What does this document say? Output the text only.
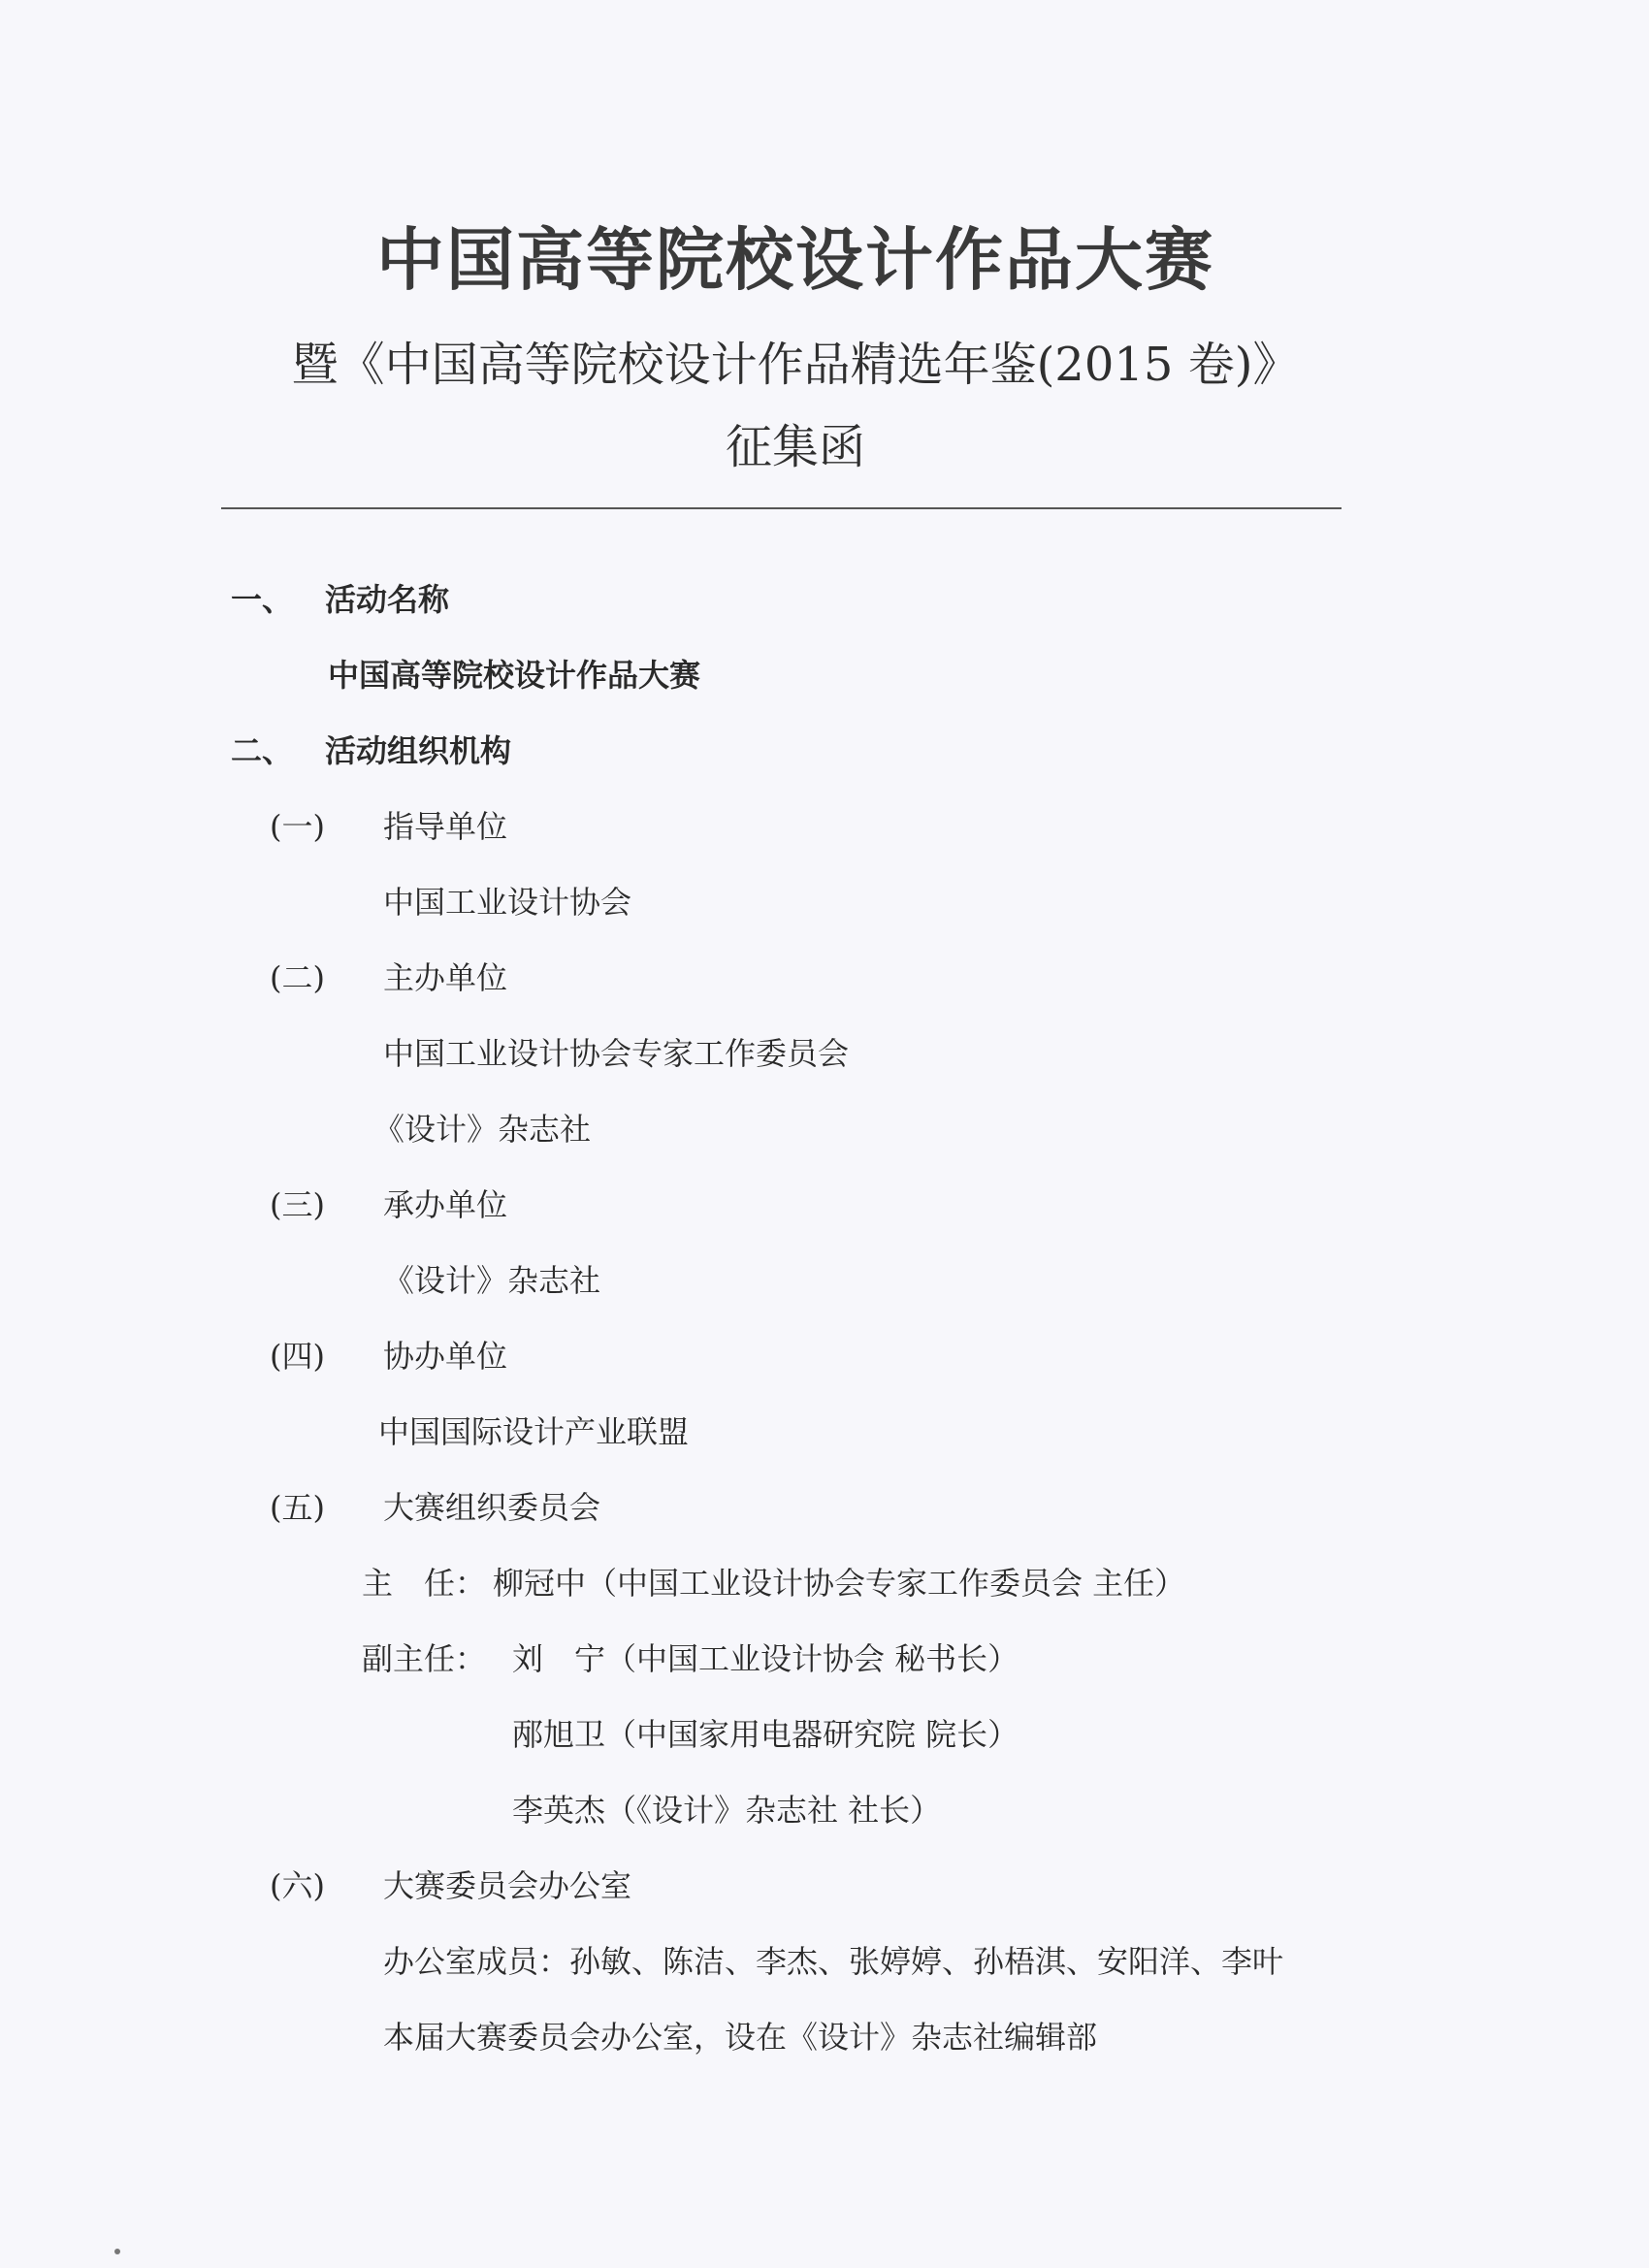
中国高等院校设计作品大赛
暨《中国高等院校设计作品精选年鉴(2015 卷)》
征集函
一、 活动名称
中国高等院校设计作品大赛
二、 活动组织机构
(一) 指导单位
中国工业设计协会
(二) 主办单位
中国工业设计协会专家工作委员会
《设计》杂志社
(三) 承办单位
《设计》杂志社
(四) 协办单位
中国国际设计产业联盟
(五) 大赛组织委员会
主　任： 柳冠中（中国工业设计协会专家工作委员会 主任）
副主任： 刘　宁（中国工业设计协会 秘书长）
邴旭卫（中国家用电器研究院 院长）
李英杰（《设计》杂志社 社长）
(六) 大赛委员会办公室
办公室成员：孙敏、陈洁、李杰、张婷婷、孙梧淇、安阳洋、李叶
本届大赛委员会办公室，设在《设计》杂志社编辑部
